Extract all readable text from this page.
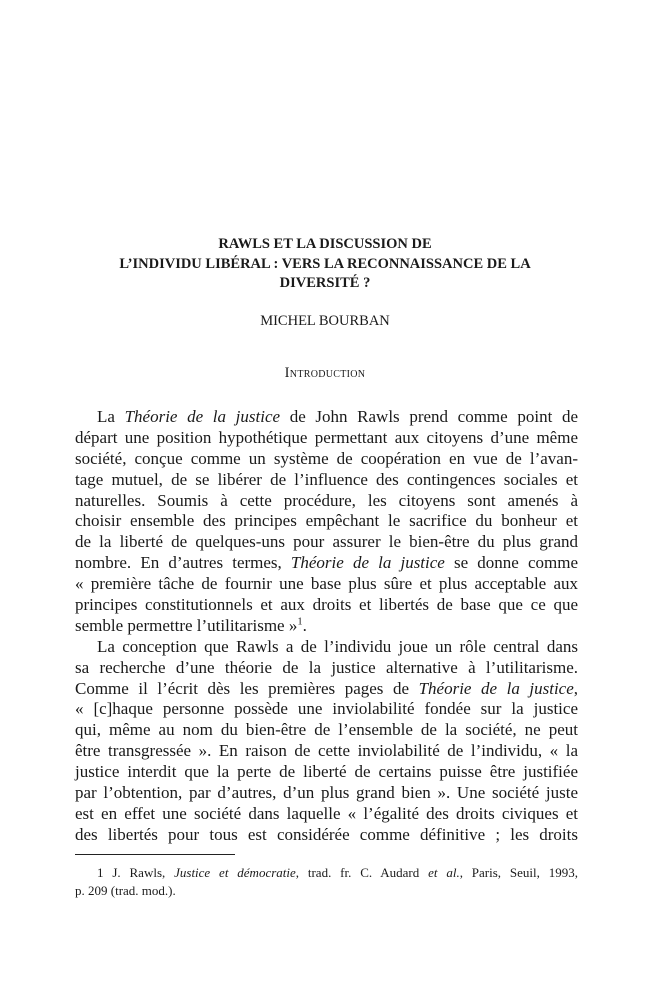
RAWLS ET LA DISCUSSION DE
L’INDIVIDU LIBÉRAL : VERS LA RECONNAISSANCE DE LA
DIVERSITÉ ?
MICHEL BOURBAN
Introduction
La Théorie de la justice de John Rawls prend comme point de
départ une position hypothétique permettant aux citoyens d’une même
société, conçue comme un système de coopération en vue de l’avan-
tage mutuel, de se libérer de l’influence des contingences sociales et
naturelles. Soumis à cette procédure, les citoyens sont amenés à
choisir ensemble des principes empêchant le sacrifice du bonheur et
de la liberté de quelques-uns pour assurer le bien-être du plus grand
nombre. En d’autres termes, Théorie de la justice se donne comme
« première tâche de fournir une base plus sûre et plus acceptable aux
principes constitutionnels et aux droits et libertés de base que ce que
semble permettre l’utilitarisme »$^1$.
La conception que Rawls a de l’individu joue un rôle central dans
sa recherche d’une théorie de la justice alternative à l’utilitarisme.
Comme il l’écrit dès les premières pages de Théorie de la justice,
« [c]haque personne possède une inviolabilité fondée sur la justice
qui, même au nom du bien-être de l’ensemble de la société, ne peut
être transgressée ». En raison de cette inviolabilité de l’individu, « la
justice interdit que la perte de liberté de certains puisse être justifiée
par l’obtention, par d’autres, d’un plus grand bien ». Une société juste
est en effet une société dans laquelle « l’égalité des droits civiques et
des libertés pour tous est considérée comme définitive ; les droits
1 J. Rawls, Justice et démocratie, trad. fr. C. Audard et al., Paris, Seuil, 1993,
p. 209 (trad. mod.).
